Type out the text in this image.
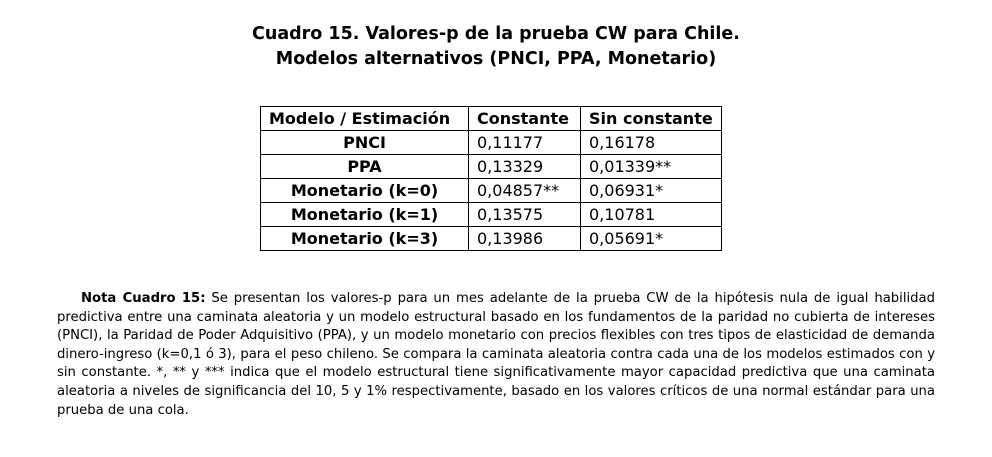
Cuadro 15. Valores-p de la prueba CW para Chile.
Modelos alternativos (PNCI, PPA, Monetario)
Modelo / Estimación	Constante	Sin constante
PNCI	0,11177	0,16178
PPA	0,13329	0,01339**
Monetario (k=0)	0,04857**	0,06931*
Monetario (k=1)	0,13575	0,10781
Monetario (k=3)	0,13986	0,05691*
Nota Cuadro 15: Se presentan los valores-p para un mes adelante de la prueba CW de la hipótesis nula de igual habilidad predictiva entre una caminata aleatoria y un modelo estructural basado en los fundamentos de la paridad no cubierta de intereses (PNCI), la Paridad de Poder Adquisitivo (PPA), y un modelo monetario con precios flexibles con tres tipos de elasticidad de demanda dinero-ingreso (k=0,1 ó 3), para el peso chileno. Se compara la caminata aleatoria contra cada una de los modelos estimados con y sin constante. *, ** y *** indica que el modelo estructural tiene significativamente mayor capacidad predictiva que una caminata aleatoria a niveles de significancia del 10, 5 y 1% respectivamente, basado en los valores críticos de una normal estándar para una prueba de una cola.
